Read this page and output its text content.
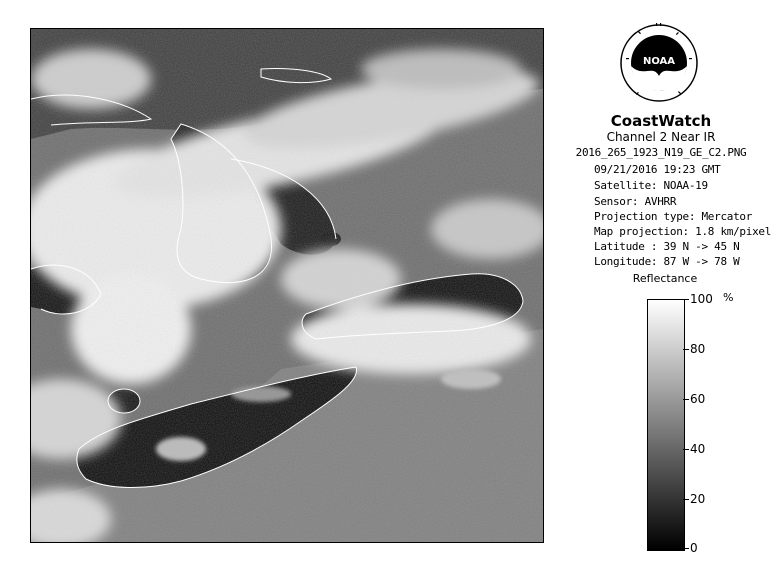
NOAA
CoastWatch
Channel 2 Near IR
2016_265_1923_N19_GE_C2.PNG
09/21/2016 19:23 GMT
Satellite: NOAA-19
Sensor: AVHRR
Projection type: Mercator
Map projection: 1.8 km/pixel
Latitude : 39 N -> 45 N
Longitude: 87 W -> 78 W
Reflectance
%
100
80
60
40
20
0
